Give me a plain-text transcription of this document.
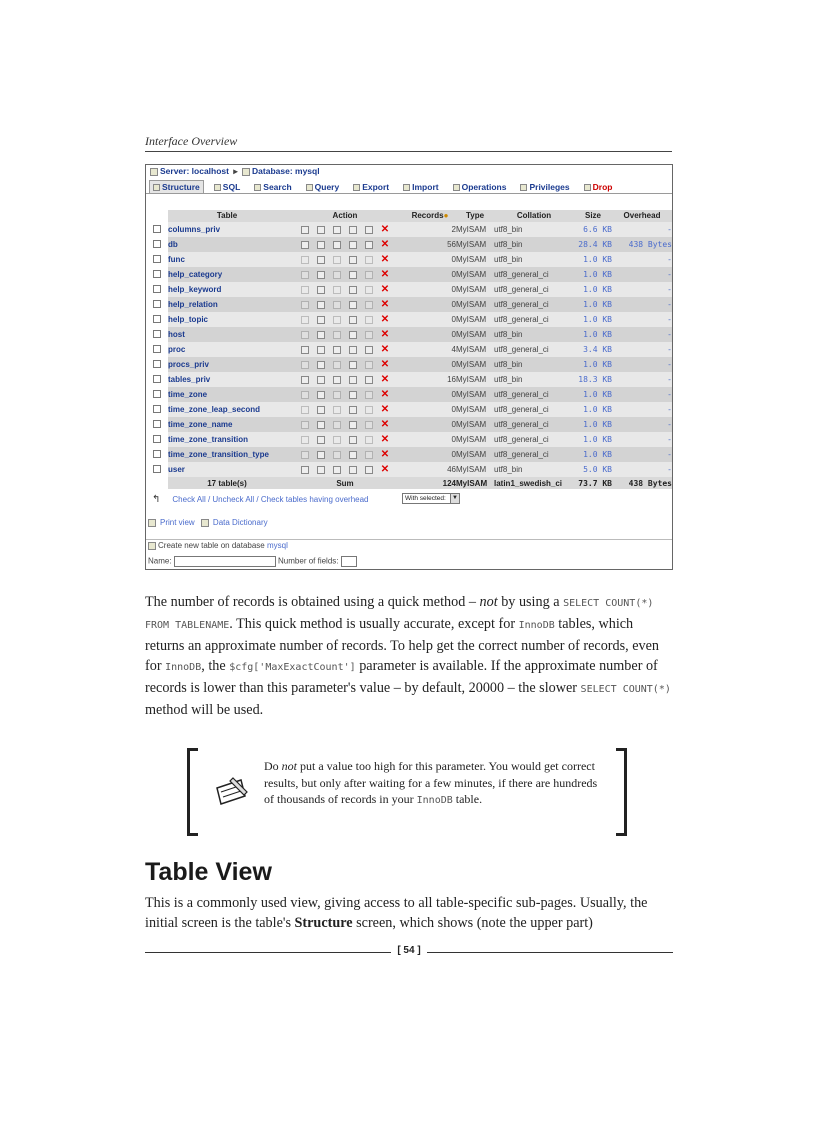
Interface Overview
Server: localhost ▸ Database: mysql
Structure	SQL	Search	Query	Export	Import	Operations	Privileges	Drop
	Table	Action	Records●	Type	Collation	Size	Overhead
	columns_priv	✕	2	MyISAM	utf8_bin	6.6 KB	-
	db	✕	56	MyISAM	utf8_bin	28.4 KB	438 Bytes
	func	✕	0	MyISAM	utf8_bin	1.0 KB	-
	help_category	✕	0	MyISAM	utf8_general_ci	1.0 KB	-
	help_keyword	✕	0	MyISAM	utf8_general_ci	1.0 KB	-
	help_relation	✕	0	MyISAM	utf8_general_ci	1.0 KB	-
	help_topic	✕	0	MyISAM	utf8_general_ci	1.0 KB	-
	host	✕	0	MyISAM	utf8_bin	1.0 KB	-
	proc	✕	4	MyISAM	utf8_general_ci	3.4 KB	-
	procs_priv	✕	0	MyISAM	utf8_bin	1.0 KB	-
	tables_priv	✕	16	MyISAM	utf8_bin	18.3 KB	-
	time_zone	✕	0	MyISAM	utf8_general_ci	1.0 KB	-
	time_zone_leap_second	✕	0	MyISAM	utf8_general_ci	1.0 KB	-
	time_zone_name	✕	0	MyISAM	utf8_general_ci	1.0 KB	-
	time_zone_transition	✕	0	MyISAM	utf8_general_ci	1.0 KB	-
	time_zone_transition_type	✕	0	MyISAM	utf8_general_ci	1.0 KB	-
	user	✕	46	MyISAM	utf8_bin	5.0 KB	-
	17 table(s)	Sum	124	MyISAM	latin1_swedish_ci	73.7 KB	438 Bytes
↰ Check All / Uncheck All / Check tables having overhead	With selected:	▼
Print view Data Dictionary
Create new table on database mysql
Name:	Number of fields:
The number of records is obtained using a quick method – not by using a SELECT COUNT(*) FROM TABLENAME. This quick method is usually accurate, except for InnoDB tables, which returns an approximate number of records. To help get the correct number of records, even for InnoDB, the $cfg['MaxExactCount'] parameter is available. If the approximate number of records is lower than this parameter's value – by default, 20000 – the slower SELECT COUNT(*) method will be used.
Do not put a value too high for this parameter. You would get correct results, but only after waiting for a few minutes, if there are hundreds of thousands of records in your InnoDB table.
Table View
This is a commonly used view, giving access to all table-specific sub-pages. Usually, the initial screen is the table's Structure screen, which shows (note the upper part)
[ 54 ]
